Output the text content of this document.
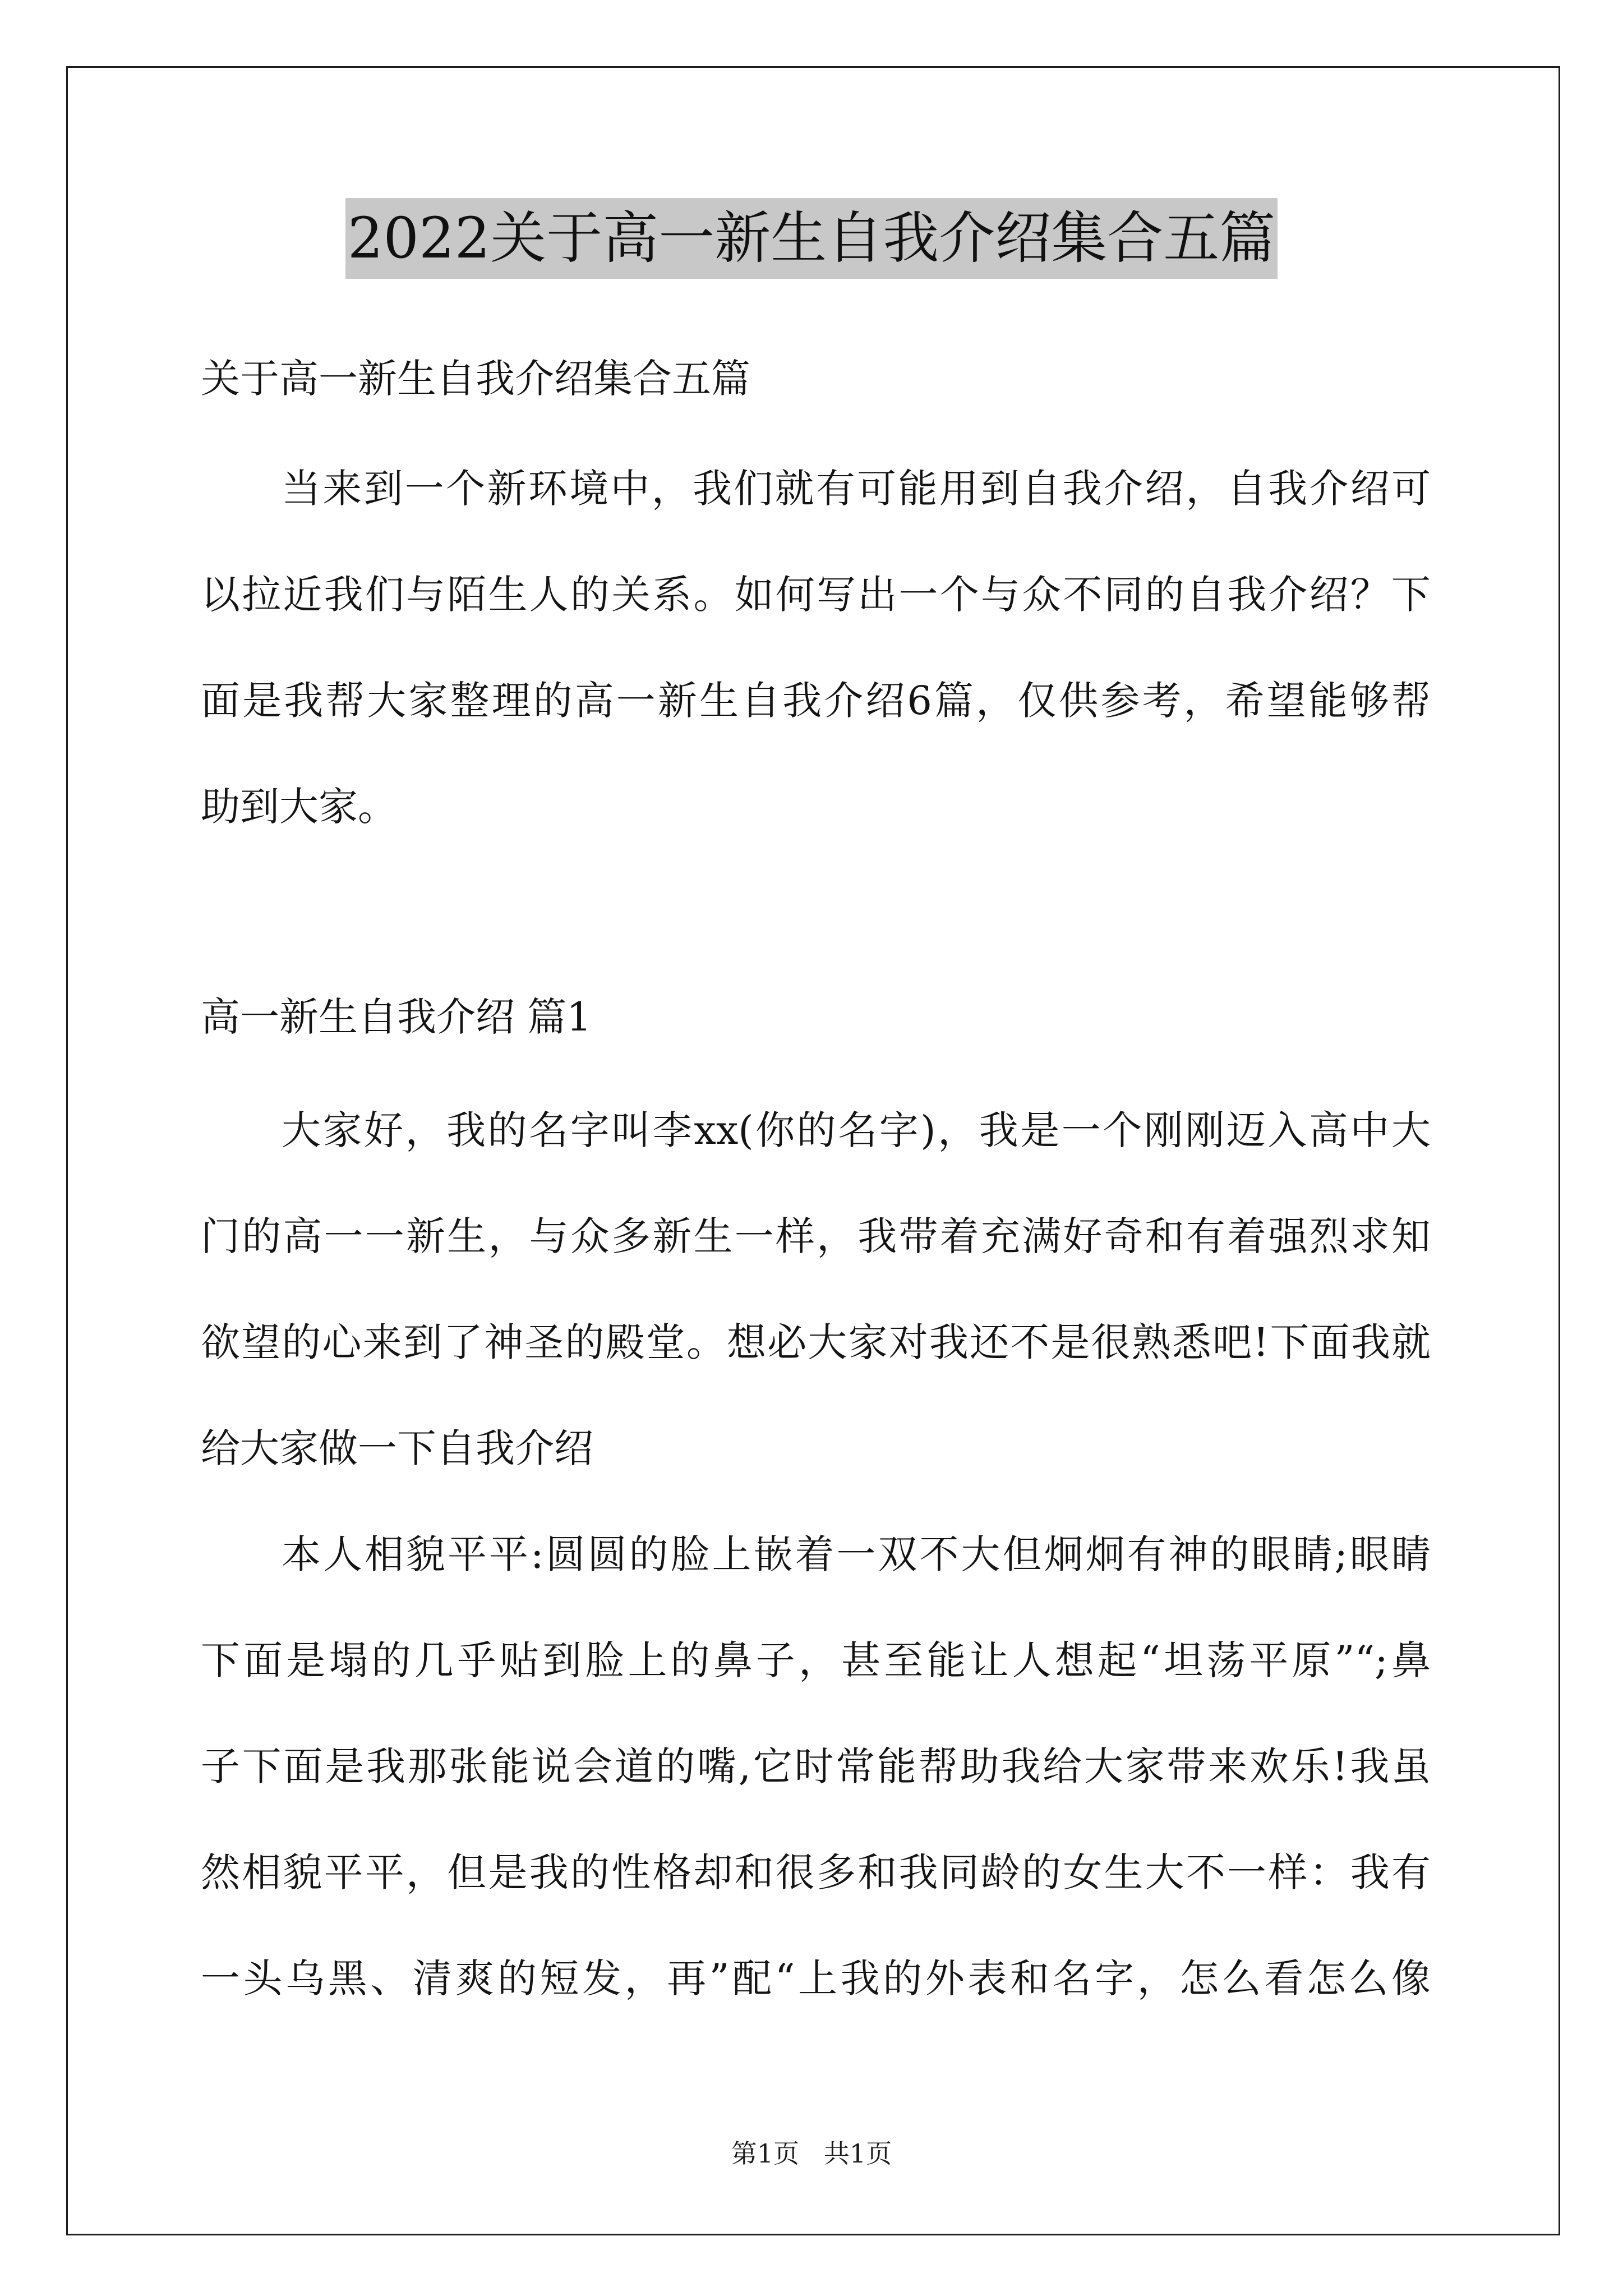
2022关于高一新生自我介绍集合五篇
关于高一新生自我介绍集合五篇
当来到一个新环境中，我们就有可能用到自我介绍，自我介绍可
以拉近我们与陌生人的关系。如何写出一个与众不同的自我介绍？下
面是我帮大家整理的高一新生自我介绍6篇，仅供参考，希望能够帮
助到大家。
高一新生自我介绍 篇1
大家好，我的名字叫李xx(你的名字)，我是一个刚刚迈入高中大
门的高一一新生，与众多新生一样，我带着充满好奇和有着强烈求知
欲望的心来到了神圣的殿堂。想必大家对我还不是很熟悉吧!下面我就
给大家做一下自我介绍
本人相貌平平:圆圆的脸上嵌着一双不大但炯炯有神的眼睛;眼睛
下面是塌的几乎贴到脸上的鼻子，甚至能让人想起“坦荡平原”“;鼻
子下面是我那张能说会道的嘴,它时常能帮助我给大家带来欢乐!我虽
然相貌平平，但是我的性格却和很多和我同龄的女生大不一样：我有
一头乌黑、清爽的短发，再”配“上我的外表和名字，怎么看怎么像
第1页   共1页
